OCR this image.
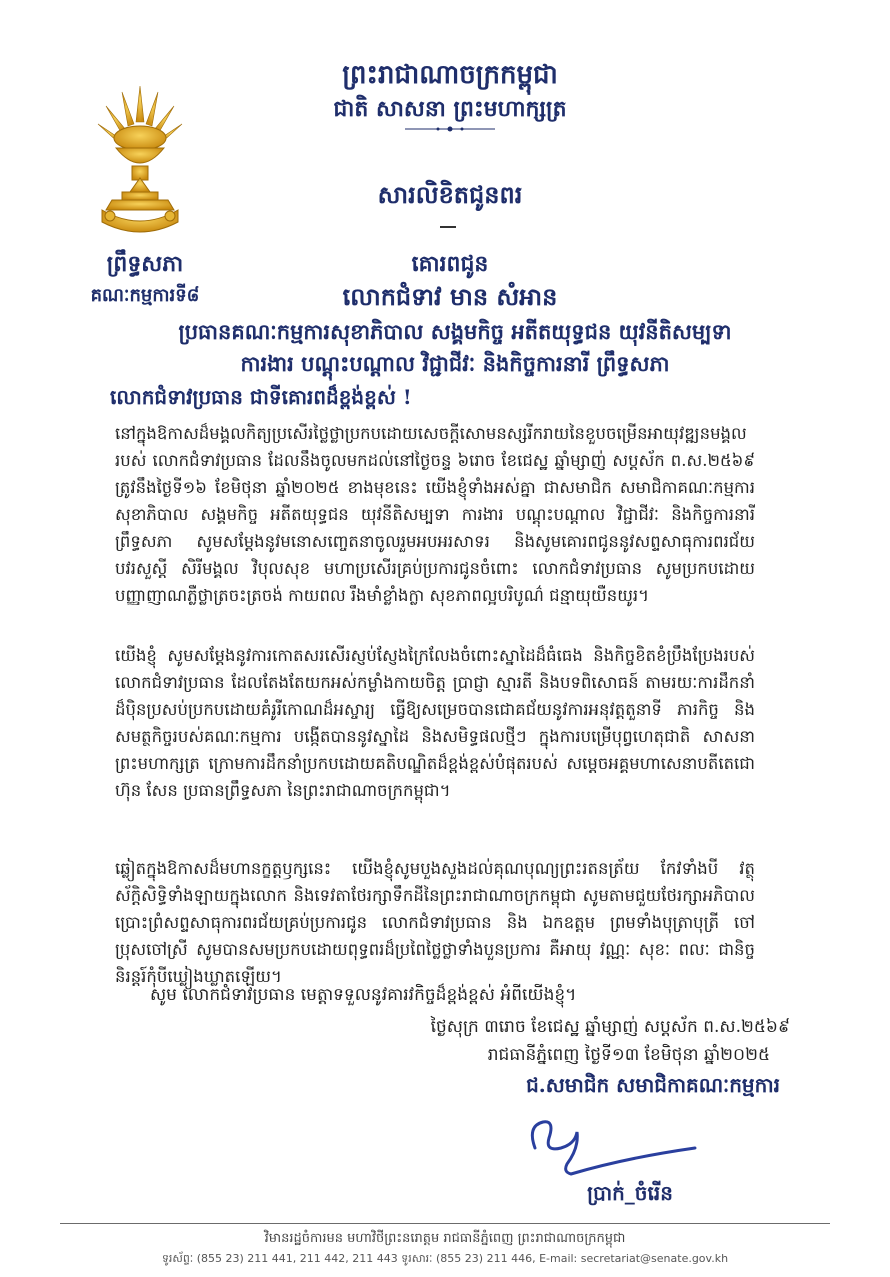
ព្រឹទ្ធសភា
គណៈកម្មការទី៨
ព្រះរាជាណាចក្រកម្ពុជា
ជាតិ សាសនា ព្រះមហាក្សត្រ
សារលិខិតជូនពរ
គោរពជូន
លោកជំទាវ មាន សំអាន
ប្រធានគណៈកម្មការសុខាភិបាល សង្គមកិច្ច អតីតយុទ្ធជន យុវនីតិសម្បទា
ការងារ បណ្តុះបណ្តាល វិជ្ជាជីវៈ និងកិច្ចការនារី ព្រឹទ្ធសភា
លោកជំទាវប្រធាន ជាទីគោរពដ៏ខ្ពង់ខ្ពស់ !
នៅក្នុងឱកាសដ៏មង្គលកិត្យប្រសើរថ្លៃថ្លាប្រកបដោយសេចក្តីសោមនស្សរីករាយនៃខួបចម្រើនអាយុវឌ្ឍនមង្គលរបស់ លោកជំទាវប្រធាន ដែលនឹងចូលមកដល់នៅថ្ងៃចន្ទ ៦រោច ខែជេស្ឋ ឆ្នាំម្សាញ់ សប្តស័ក ព.ស.២៥៦៩ ត្រូវនឹងថ្ងៃទី១៦ ខែមិថុនា ឆ្នាំ២០២៥ ខាងមុខនេះ យើងខ្ញុំទាំងអស់គ្នា ជាសមាជិក សមាជិកាគណៈកម្មការសុខាភិបាល សង្គមកិច្ច អតីតយុទ្ធជន យុវនីតិសម្បទា ការងារ បណ្តុះបណ្តាល វិជ្ជាជីវៈ និងកិច្ចការនារី ព្រឹទ្ធសភា សូមសម្តែងនូវមនោសញ្ចេតនាចូលរួមអបអរសាទរ និងសូមគោរពជូននូវសព្ទសាធុការពរជ័យ បវរសួស្តី សិរីមង្គល វិបុលសុខ មហាប្រសើរគ្រប់ប្រការជូនចំពោះ លោកជំទាវប្រធាន សូមប្រកបដោយបញ្ញាញាណភ្លឺថ្លាត្រចះត្រចង់ កាយពល រឹងមាំខ្លាំងក្លា សុខភាពល្អបរិបូណ៌ ជន្មាយុយឺនយូរ។
យើងខ្ញុំ សូមសម្តែងនូវការកោតសរសើរស្ញប់ស្ញែងក្រៃលែងចំពោះស្នាដៃដ៏ធំធេង និងកិច្ចខិតខំប្រឹងប្រែងរបស់ លោកជំទាវប្រធាន ដែលតែងតែយកអស់កម្លាំងកាយចិត្ត ប្រាជ្ញា ស្មារតី និងបទពិសោធន៍ តាមរយៈការដឹកនាំដ៏ប៉ិនប្រសប់ប្រកបដោយគំរូរីកោណដ៏អស្ចារ្យ ធ្វើឱ្យសម្រេចបានជោគជ័យនូវការអនុវត្តតួនាទី ភារកិច្ច និងសមត្ថកិច្ចរបស់គណៈកម្មការ បង្កើតបាននូវស្នាដៃ និងសមិទ្ធផលថ្មីៗ ក្នុងការបម្រើបុព្វហេតុជាតិ សាសនា ព្រះមហាក្សត្រ ក្រោមការដឹកនាំប្រកបដោយគតិបណ្ឌិតដ៏ខ្ពង់ខ្ពស់បំផុតរបស់ សម្តេចអគ្គមហាសេនាបតីតេជោ ហ៊ុន សែន ប្រធានព្រឹទ្ធសភា នៃព្រះរាជាណាចក្រកម្ពុជា។
ឆ្លៀតក្នុងឱកាសដ៏មហានក្ខត្តឫក្សនេះ យើងខ្ញុំសូមបួងសួងដល់គុណបុណ្យព្រះរតនត្រ័យ កែវទាំងបី វត្ថុស័ក្តិសិទ្ធិទាំងឡាយក្នុងលោក និងទេវតាថែរក្សាទឹកដីនៃព្រះរាជាណាចក្រកម្ពុជា សូមតាមជួយថែរក្សាអភិបាលប្រោះព្រំសព្ទសាធុការពរជ័យគ្រប់ប្រការជូន លោកជំទាវប្រធាន និង ឯកឧត្តម ព្រមទាំងបុត្រាបុត្រី ចៅប្រុសចៅស្រី សូមបានសមប្រកបដោយពុទ្ធពរដ៏ប្រពៃថ្លៃថ្លាទាំងបួនប្រការ គឺអាយុ វណ្ណៈ សុខៈ ពលៈ ជានិច្ចនិរន្តរ៍កុំបីឃ្លៀងឃ្លាតឡើយ។
សូម លោកជំទាវប្រធាន មេត្តាទទួលនូវគារវកិច្ចដ៏ខ្ពង់ខ្ពស់ អំពីយើងខ្ញុំ។
ថ្ងៃសុក្រ ៣រោច ខែជេស្ឋ ឆ្នាំម្សាញ់ សប្តស័ក ព.ស.២៥៦៩
រាជធានីភ្នំពេញ ថ្ងៃទី១៣ ខែមិថុនា ឆ្នាំ២០២៥
ជ.សមាជិក សមាជិកាគណៈកម្មការ
ប្រាក់_ចំរើន
វិមានរដ្ឋចំការមន មហាវិថីព្រះនរោត្តម រាជធានីភ្នំពេញ ព្រះរាជាណាចក្រកម្ពុជា
ទូរស័ព្ទៈ (855 23) 211 441, 211 442, 211 443 ទូរសារៈ (855 23) 211 446, E-mail: secretariat@senate.gov.kh
